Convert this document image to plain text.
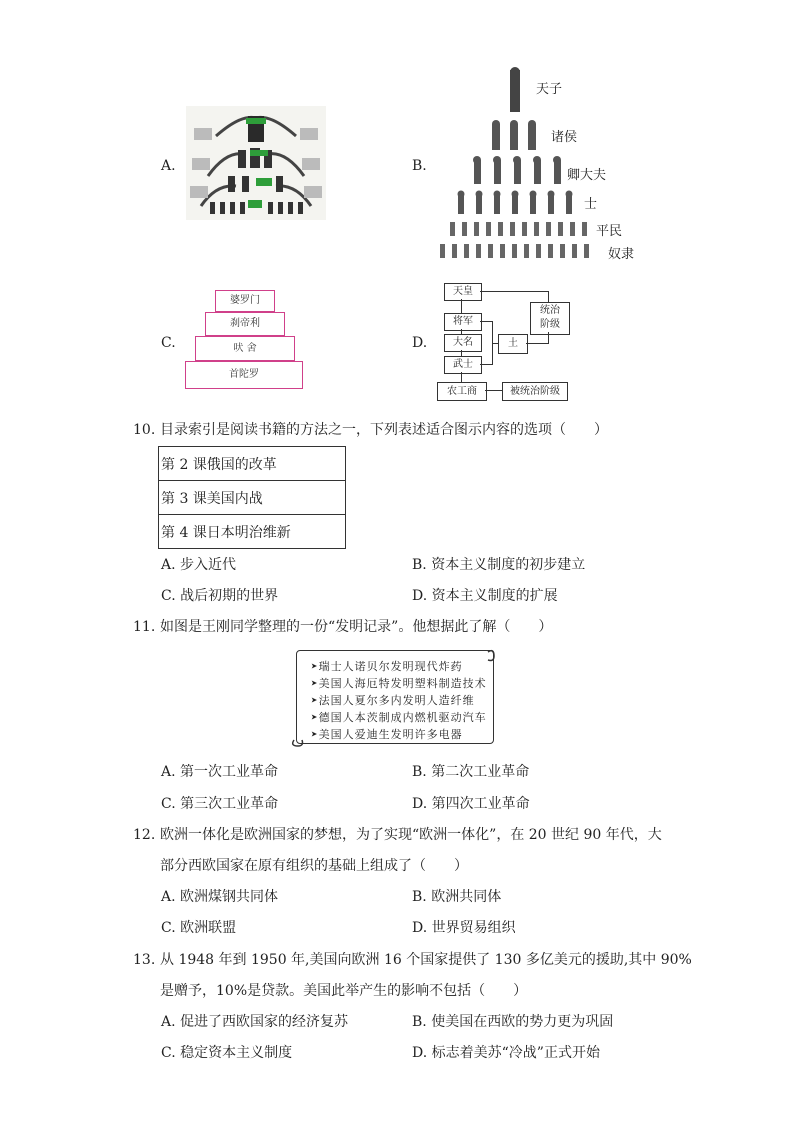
A.	B.
C.	D.
天子
诸侯
卿大夫
士
平民
奴隶
婆罗门
刹帝利
吠 舍
首陀罗
天皇
将军
大名
武士
农工商
土
统治
阶级
被统治阶级
10. 目录索引是阅读书籍的方法之一，下列表述适合图示内容的选项（　　）
第 2 课俄国的改革
第 3 课美国内战
第 4 课日本明治维新
A. 步入近代	B. 资本主义制度的初步建立
C. 战后初期的世界	D. 资本主义制度的扩展
11. 如图是王刚同学整理的一份“发明记录”。他想据此了解（　　）
➤瑞士人诺贝尔发明现代炸药
➤美国人海厄特发明塑料制造技术
➤法国人夏尔多内发明人造纤维
➤德国人本茨制成内燃机驱动汽车
➤美国人爱迪生发明许多电器
A. 第一次工业革命	B. 第二次工业革命
C. 第三次工业革命	D. 第四次工业革命
12. 欧洲一体化是欧洲国家的梦想，为了实现“欧洲一体化”，在 20 世纪 90 年代，大
部分西欧国家在原有组织的基础上组成了（　　）
A. 欧洲煤钢共同体	B. 欧洲共同体
C. 欧洲联盟	D. 世界贸易组织
13. 从 1948 年到 1950 年,美国向欧洲 16 个国家提供了 130 多亿美元的援助,其中 90%
是赠予，10%是贷款。美国此举产生的影响不包括（　　）
A. 促进了西欧国家的经济复苏	B. 使美国在西欧的势力更为巩固
C. 稳定资本主义制度	D. 标志着美苏“冷战”正式开始
